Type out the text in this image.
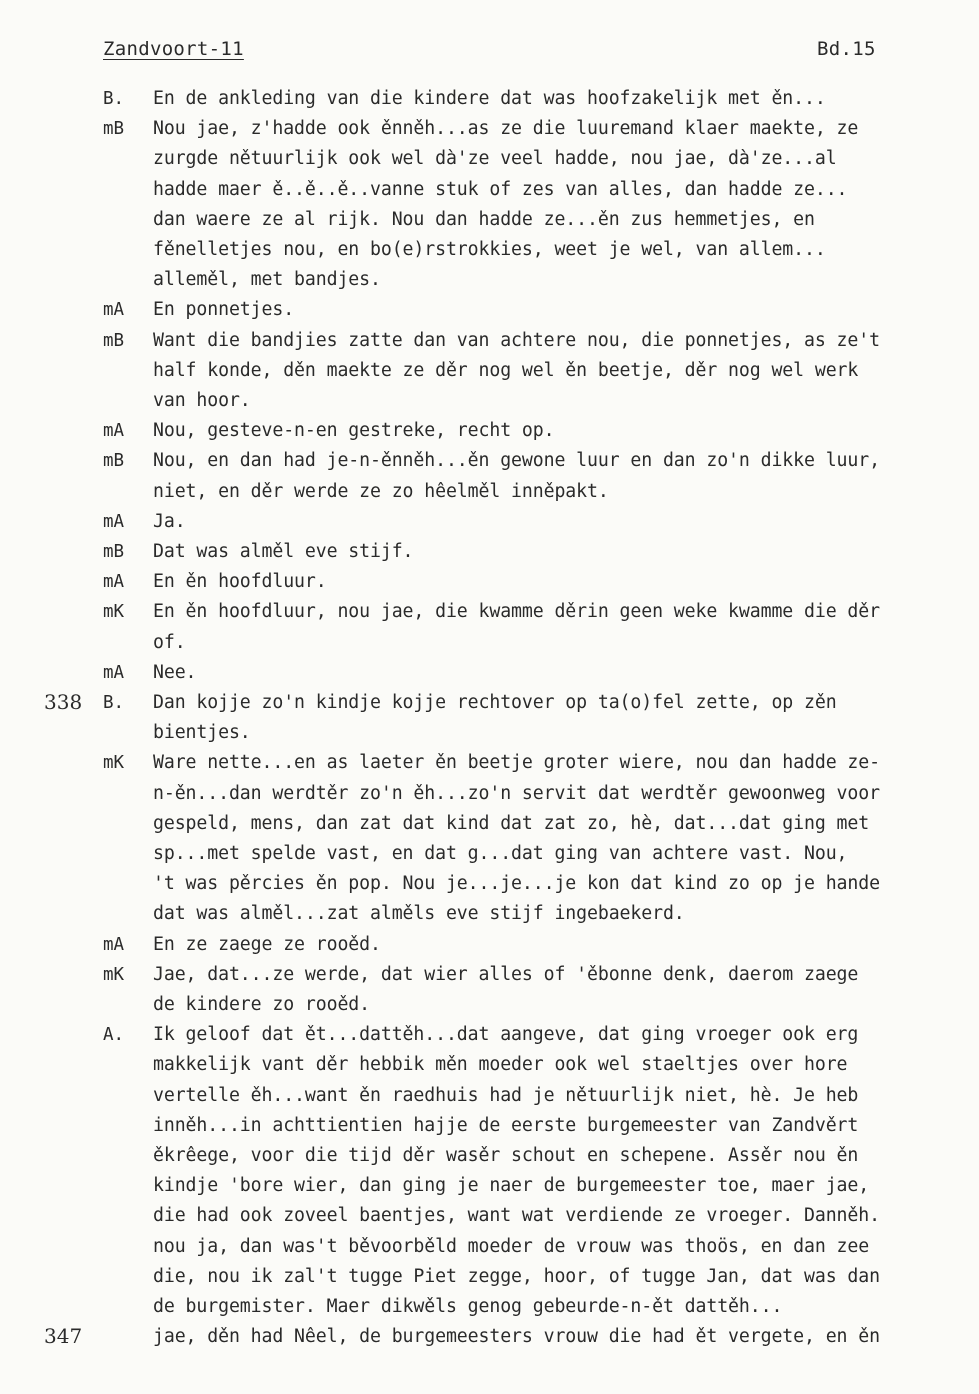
Zandvoort-11	Bd.15
B.	En de ankleding van die kindere dat was hoofzakelijk met ěn...
mB	Nou jae, z'hadde ook ěnněh...as ze die luuremand klaer maekte, ze
zurgde nětuurlijk ook wel dà'ze veel hadde, nou jae, dà'ze...al
hadde maer ě..ě..ě..vanne stuk of zes van alles, dan hadde ze...
dan waere ze al rijk. Nou dan hadde ze...ěn zus hemmetjes, en
fěnelletjes nou, en bo(e)rstrokkies, weet je wel, van allem...
alleměl, met bandjes.
mA	En ponnetjes.
mB	Want die bandjies zatte dan van achtere nou, die ponnetjes, as ze't
half konde, děn maekte ze děr nog wel ěn beetje, děr nog wel werk
van hoor.
mA	Nou, gesteve-n-en gestreke, recht op.
mB	Nou, en dan had je-n-ěnněh...ěn gewone luur en dan zo'n dikke luur,
niet, en děr werde ze zo hêelměl inněpakt.
mA	Ja.
mB	Dat was alměl eve stijf.
mA	En ěn hoofdluur.
mK	En ěn hoofdluur, nou jae, die kwamme děrin geen weke kwamme die děr
of.
mA	Nee.
B.	Dan kojje zo'n kindje kojje rechtover op ta(o)fel zette, op zěn
bientjes.
mK	Ware nette...en as laeter ěn beetje groter wiere, nou dan hadde ze-
n-ěn...dan werdtěr zo'n ěh...zo'n servit dat werdtěr gewoonweg voor
gespeld, mens, dan zat dat kind dat zat zo, hè, dat...dat ging met
sp...met spelde vast, en dat g...dat ging van achtere vast. Nou,
't was pěrcies ěn pop. Nou je...je...je kon dat kind zo op je hande
dat was alměl...zat alměls eve stijf ingebaekerd.
mA	En ze zaege ze rooěd.
mK	Jae, dat...ze werde, dat wier alles of 'ěbonne denk, daerom zaege
de kindere zo rooěd.
A.	Ik geloof dat ět...dattěh...dat aangeve, dat ging vroeger ook erg
makkelijk vant děr hebbik měn moeder ook wel staeltjes over hore
vertelle ěh...want ěn raedhuis had je nětuurlijk niet, hè. Je heb
inněh...in achttientien hajje de eerste burgemeester van Zandvěrt
ěkrêege, voor die tijd děr wasěr schout en schepene. Assěr nou ěn
kindje 'bore wier, dan ging je naer de burgemeester toe, maer jae,
die had ook zoveel baentjes, want wat verdiende ze vroeger. Danněh.
nou ja, dan was't běvoorběld moeder de vrouw was thoös, en dan zee
die, nou ik zal't tugge Piet zegge, hoor, of tugge Jan, dat was dan
de burgemister. Maer dikwěls genog gebeurde-n-ět dattěh...
jae, děn had Nêel, de burgemeesters vrouw die had ět vergete, en ěn
338
347
